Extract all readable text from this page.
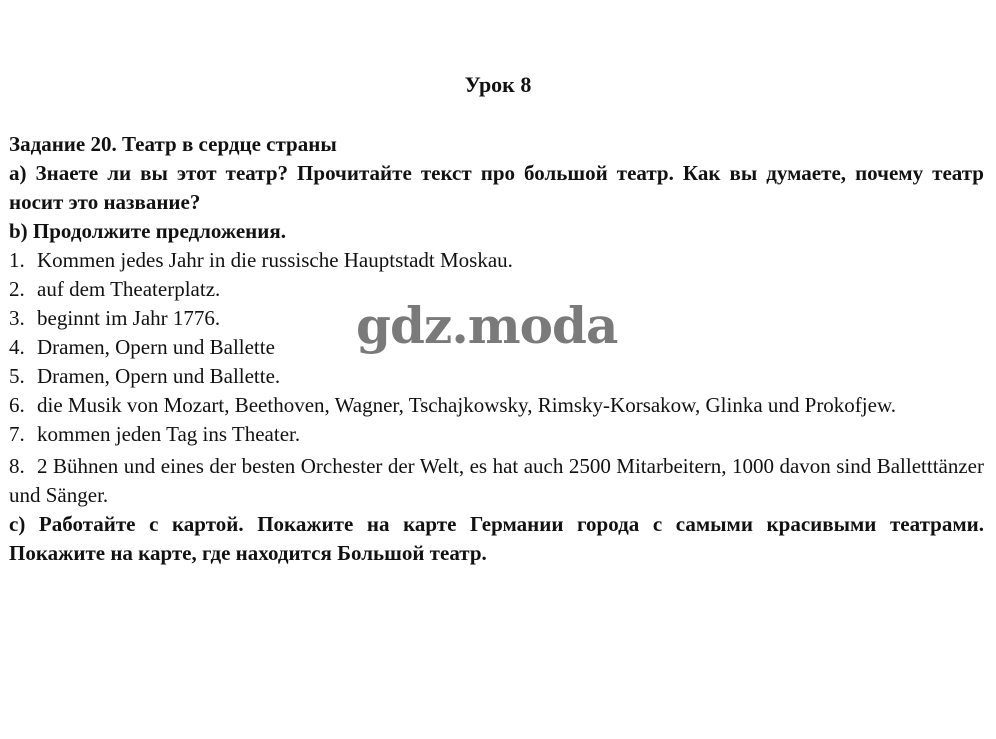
Урок 8

Задание 20. Театр в сердце страны

а) Знаете ли вы этот театр? Прочитайте текст про большой театр. Как вы думаете, почему театр носит это название?

b) Продолжите предложения.

1. Kommen jedes Jahr in die russische Hauptstadt Moskau.
2. auf dem Theaterplatz.
3. beginnt im Jahr 1776.
4. Dramen, Opern und Ballette
5. Dramen, Opern und Ballette.
6. die Musik von Mozart, Beethoven, Wagner, Tschajkowsky, Rimsky-Korsakow, Glinka und Prokofjew.
7. kommen jeden Tag ins Theater.
8. 2 Bühnen und eines der besten Orchester der Welt, es hat auch 2500 Mitarbeitern, 1000 davon sind Balletttänzer und Sänger.

с) Работайте с картой. Покажите на карте Германии города с самыми красивыми театрами. Покажите на карте, где находится Большой театр.

gdz.moda
